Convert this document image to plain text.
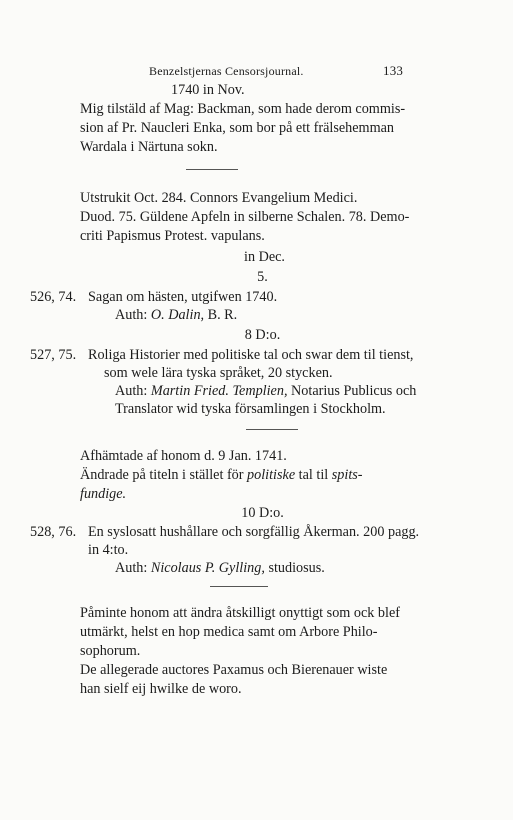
Benzelstjernas Censorsjournal.	133
1740 in Nov.
Mig tilstäld af Mag: Backman, som hade derom commis-
sion af Pr. Naucleri Enka, som bor på ett frälsehemman
Wardala i Närtuna sokn.
Utstrukit Oct. 284. Connors Evangelium Medici.
Duod. 75. Güldene Apfeln in silberne Schalen. 78. Demo-
criti Papismus Protest. vapulans.
in Dec.
5.
526, 74. Sagan om hästen, utgifwen 1740.
Auth: O. Dalin, B. R.
8 D:o.
527, 75. Roliga Historier med politiske tal och swar dem til tienst,
som wele lära tyska språket, 20 stycken.
Auth: Martin Fried. Templien, Notarius Publicus och
Translator wid tyska församlingen i Stockholm.
Afhämtade af honom d. 9 Jan. 1741.
Ändrade på titeln i stället för politiske tal til spits-
fundige.
10 D:o.
528, 76. En syslosatt hushållare och sorgfällig Åkerman. 200 pagg.
in 4:to.
Auth: Nicolaus P. Gylling, studiosus.
Påminte honom att ändra åtskilligt onyttigt som ock blef
utmärkt, helst en hop medica samt om Arbore Philo-
sophorum.
De allegerade auctores Paxamus och Bierenauer wiste
han sielf eij hwilke de woro.
